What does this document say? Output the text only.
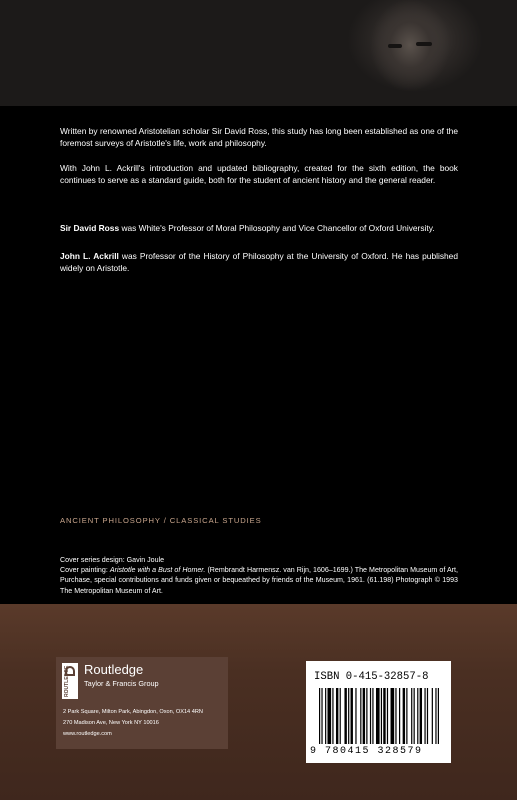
Written by renowned Aristotelian scholar Sir David Ross, this study has long been established as one of the foremost surveys of Aristotle's life, work and philosophy.

With John L. Ackrill's introduction and updated bibliography, created for the sixth edition, the book continues to serve as a standard guide, both for the student of ancient history and the general reader.

Sir David Ross was White's Professor of Moral Philosophy and Vice Chancellor of Oxford University.

John L. Ackrill was Professor of the History of Philosophy at the University of Oxford. He has published widely on Aristotle.

ANCIENT PHILOSOPHY / CLASSICAL STUDIES

Cover series design: Gavin Joule
Cover painting: Aristotle with a Bust of Homer. (Rembrandt Harmensz. van Rijn, 1606–1699.) The Metropolitan Museum of Art, Purchase, special contributions and funds given or bequeathed by friends of the Museum, 1961. (61.198) Photograph © 1993 The Metropolitan Museum of Art.

ROUTLEDGE Routledge
Taylor & Francis Group
2 Park Square, Milton Park, Abingdon, Oxon, OX14 4RN
270 Madison Ave, New York NY 10016
www.routledge.com
ISBN 0-415-32857-8
9 780415 328579
